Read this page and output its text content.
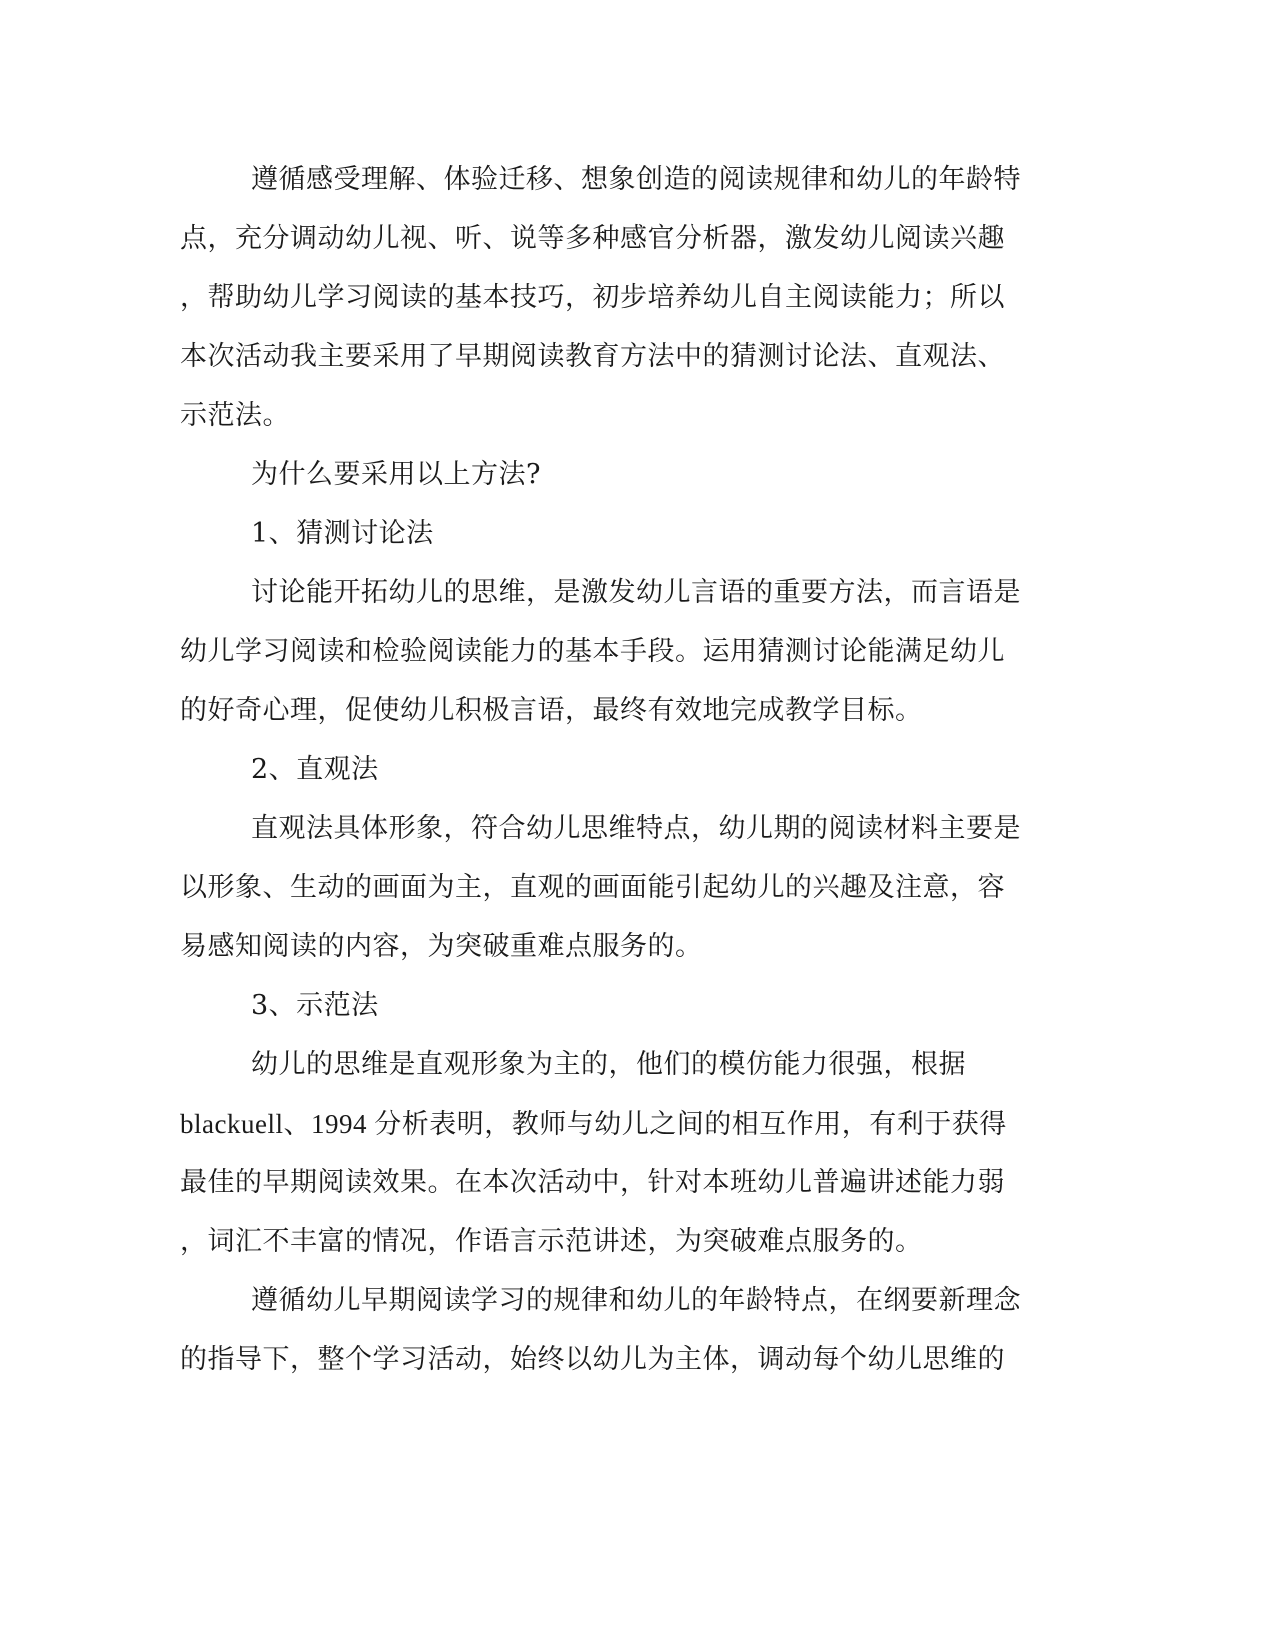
遵循感受理解、体验迁移、想象创造的阅读规律和幼儿的年龄特
点，充分调动幼儿视、听、说等多种感官分析器，激发幼儿阅读兴趣
，帮助幼儿学习阅读的基本技巧，初步培养幼儿自主阅读能力；所以
本次活动我主要采用了早期阅读教育方法中的猜测讨论法、直观法、
示范法。
为什么要采用以上方法?
1、猜测讨论法
讨论能开拓幼儿的思维，是激发幼儿言语的重要方法，而言语是
幼儿学习阅读和检验阅读能力的基本手段。运用猜测讨论能满足幼儿
的好奇心理，促使幼儿积极言语，最终有效地完成教学目标。
2、直观法
直观法具体形象，符合幼儿思维特点，幼儿期的阅读材料主要是
以形象、生动的画面为主，直观的画面能引起幼儿的兴趣及注意，容
易感知阅读的内容，为突破重难点服务的。
3、示范法
幼儿的思维是直观形象为主的，他们的模仿能力很强，根据
blackuell、1994 分析表明，教师与幼儿之间的相互作用，有利于获得
最佳的早期阅读效果。在本次活动中，针对本班幼儿普遍讲述能力弱
，词汇不丰富的情况，作语言示范讲述，为突破难点服务的。
遵循幼儿早期阅读学习的规律和幼儿的年龄特点，在纲要新理念
的指导下，整个学习活动，始终以幼儿为主体，调动每个幼儿思维的
